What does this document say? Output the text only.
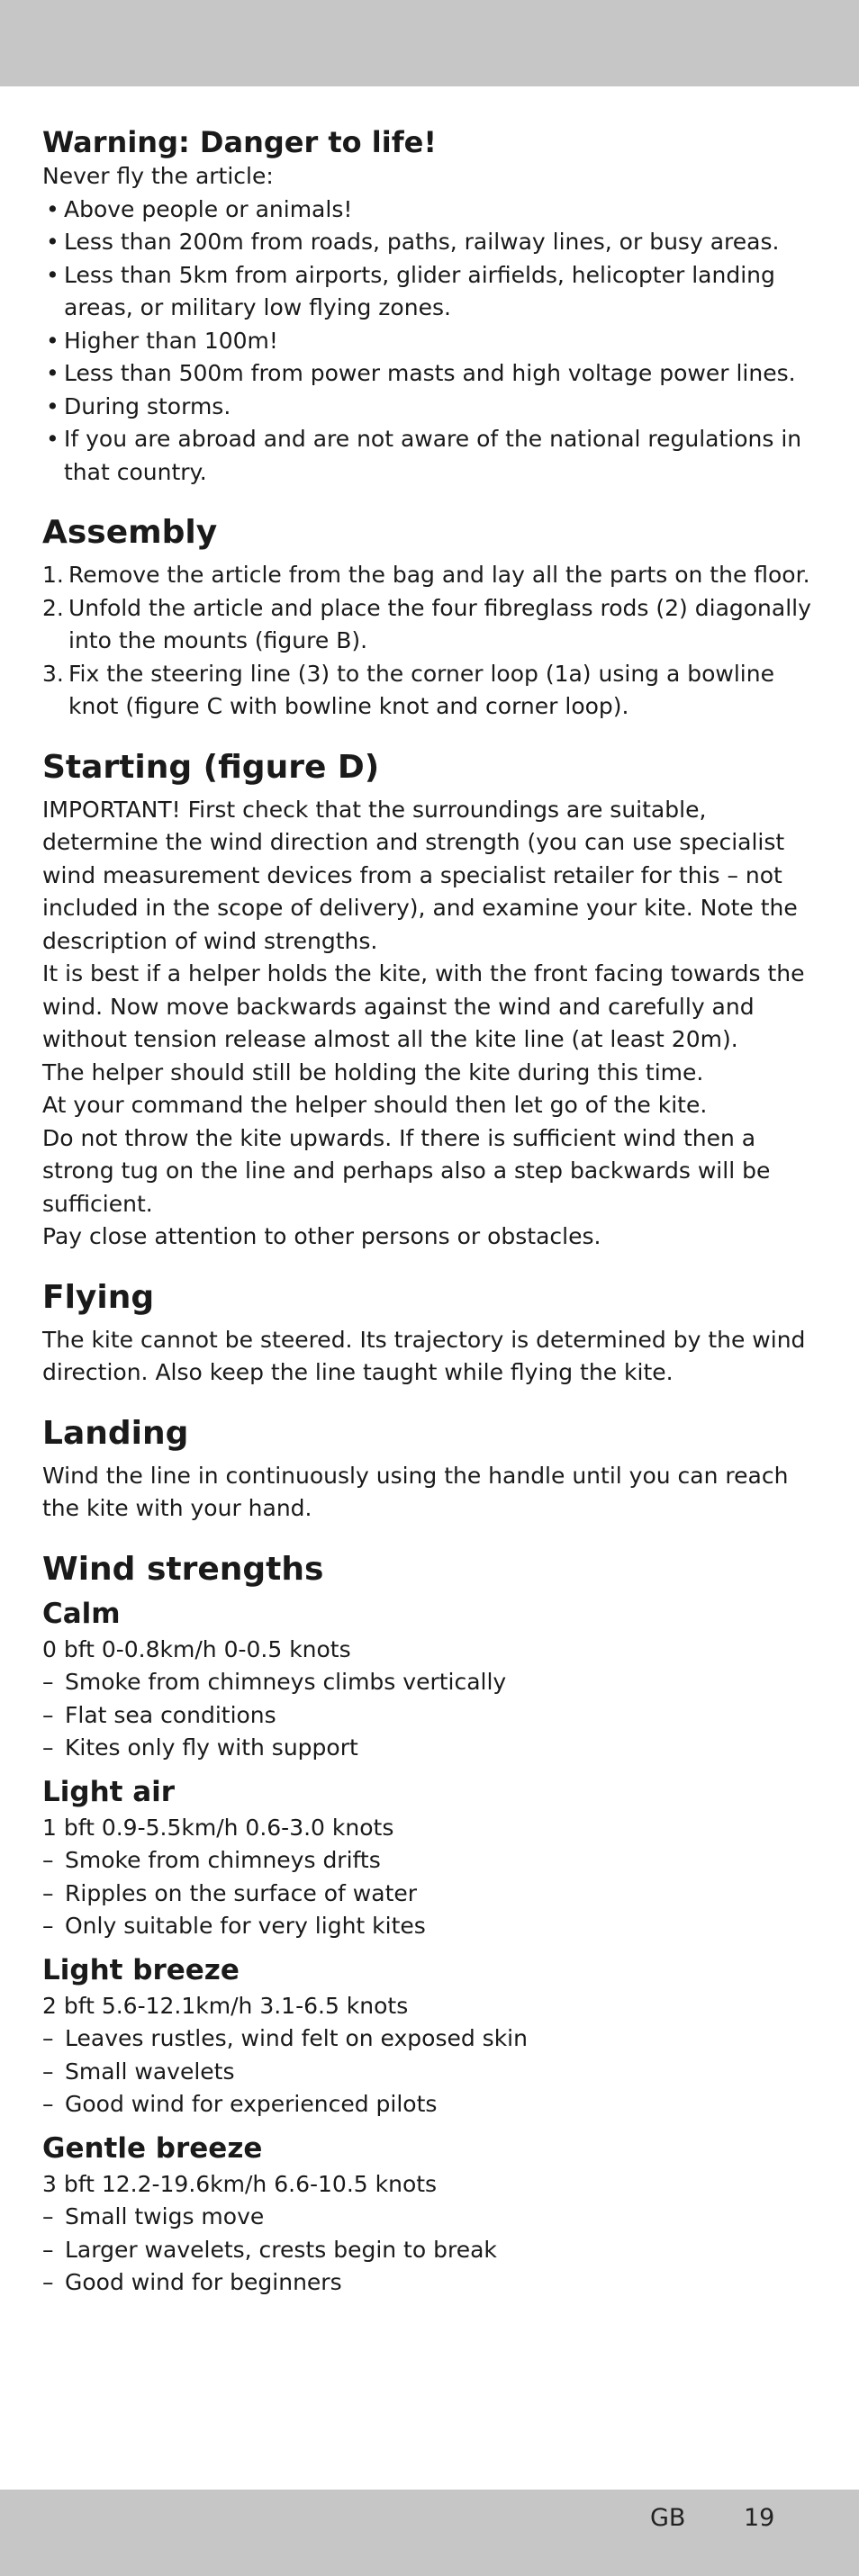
Warning: Danger to life!

Never fly the article:

• Above people or animals!
• Less than 200m from roads, paths, railway lines, or busy areas.
• Less than 5km from airports, glider airfields, helicopter landing areas, or military low flying zones.
• Higher than 100m!
• Less than 500m from power masts and high voltage power lines.
• During storms.
• If you are abroad and are not aware of the national regulations in that country.
Assembly
1. Remove the article from the bag and lay all the parts on the floor.
2. Unfold the article and place the four fibreglass rods (2) diagonally into the mounts (figure B).
3. Fix the steering line (3) to the corner loop (1a) using a bowline knot (figure C with bowline knot and corner loop).
Starting (figure D)

IMPORTANT! First check that the surroundings are suitable, determine the wind direction and strength (you can use specialist wind measurement devices from a specialist retailer for this – not included in the scope of delivery), and examine your kite. Note the description of wind strengths.

It is best if a helper holds the kite, with the front facing towards the wind. Now move backwards against the wind and carefully and without tension release almost all the kite line (at least 20m).

The helper should still be holding the kite during this time.

At your command the helper should then let go of the kite.

Do not throw the kite upwards. If there is sufficient wind then a strong tug on the line and perhaps also a step backwards will be sufficient.

Pay close attention to other persons or obstacles.

Flying

The kite cannot be steered. Its trajectory is determined by the wind direction. Also keep the line taught while flying the kite.

Landing

Wind the line in continuously using the handle until you can reach the kite with your hand.

Wind strengths
Calm

0 bft 0-0.8km/h 0-0.5 knots

– Smoke from chimneys climbs vertically
– Flat sea conditions
– Kites only fly with support
Light air

1 bft 0.9-5.5km/h 0.6-3.0 knots

– Smoke from chimneys drifts
– Ripples on the surface of water
– Only suitable for very light kites
Light breeze

2 bft 5.6-12.1km/h 3.1-6.5 knots

– Leaves rustles, wind felt on exposed skin
– Small wavelets
– Good wind for experienced pilots
Gentle breeze

3 bft 12.2-19.6km/h 6.6-10.5 knots

– Small twigs move
– Larger wavelets, crests begin to break
– Good wind for beginners
GB 19
